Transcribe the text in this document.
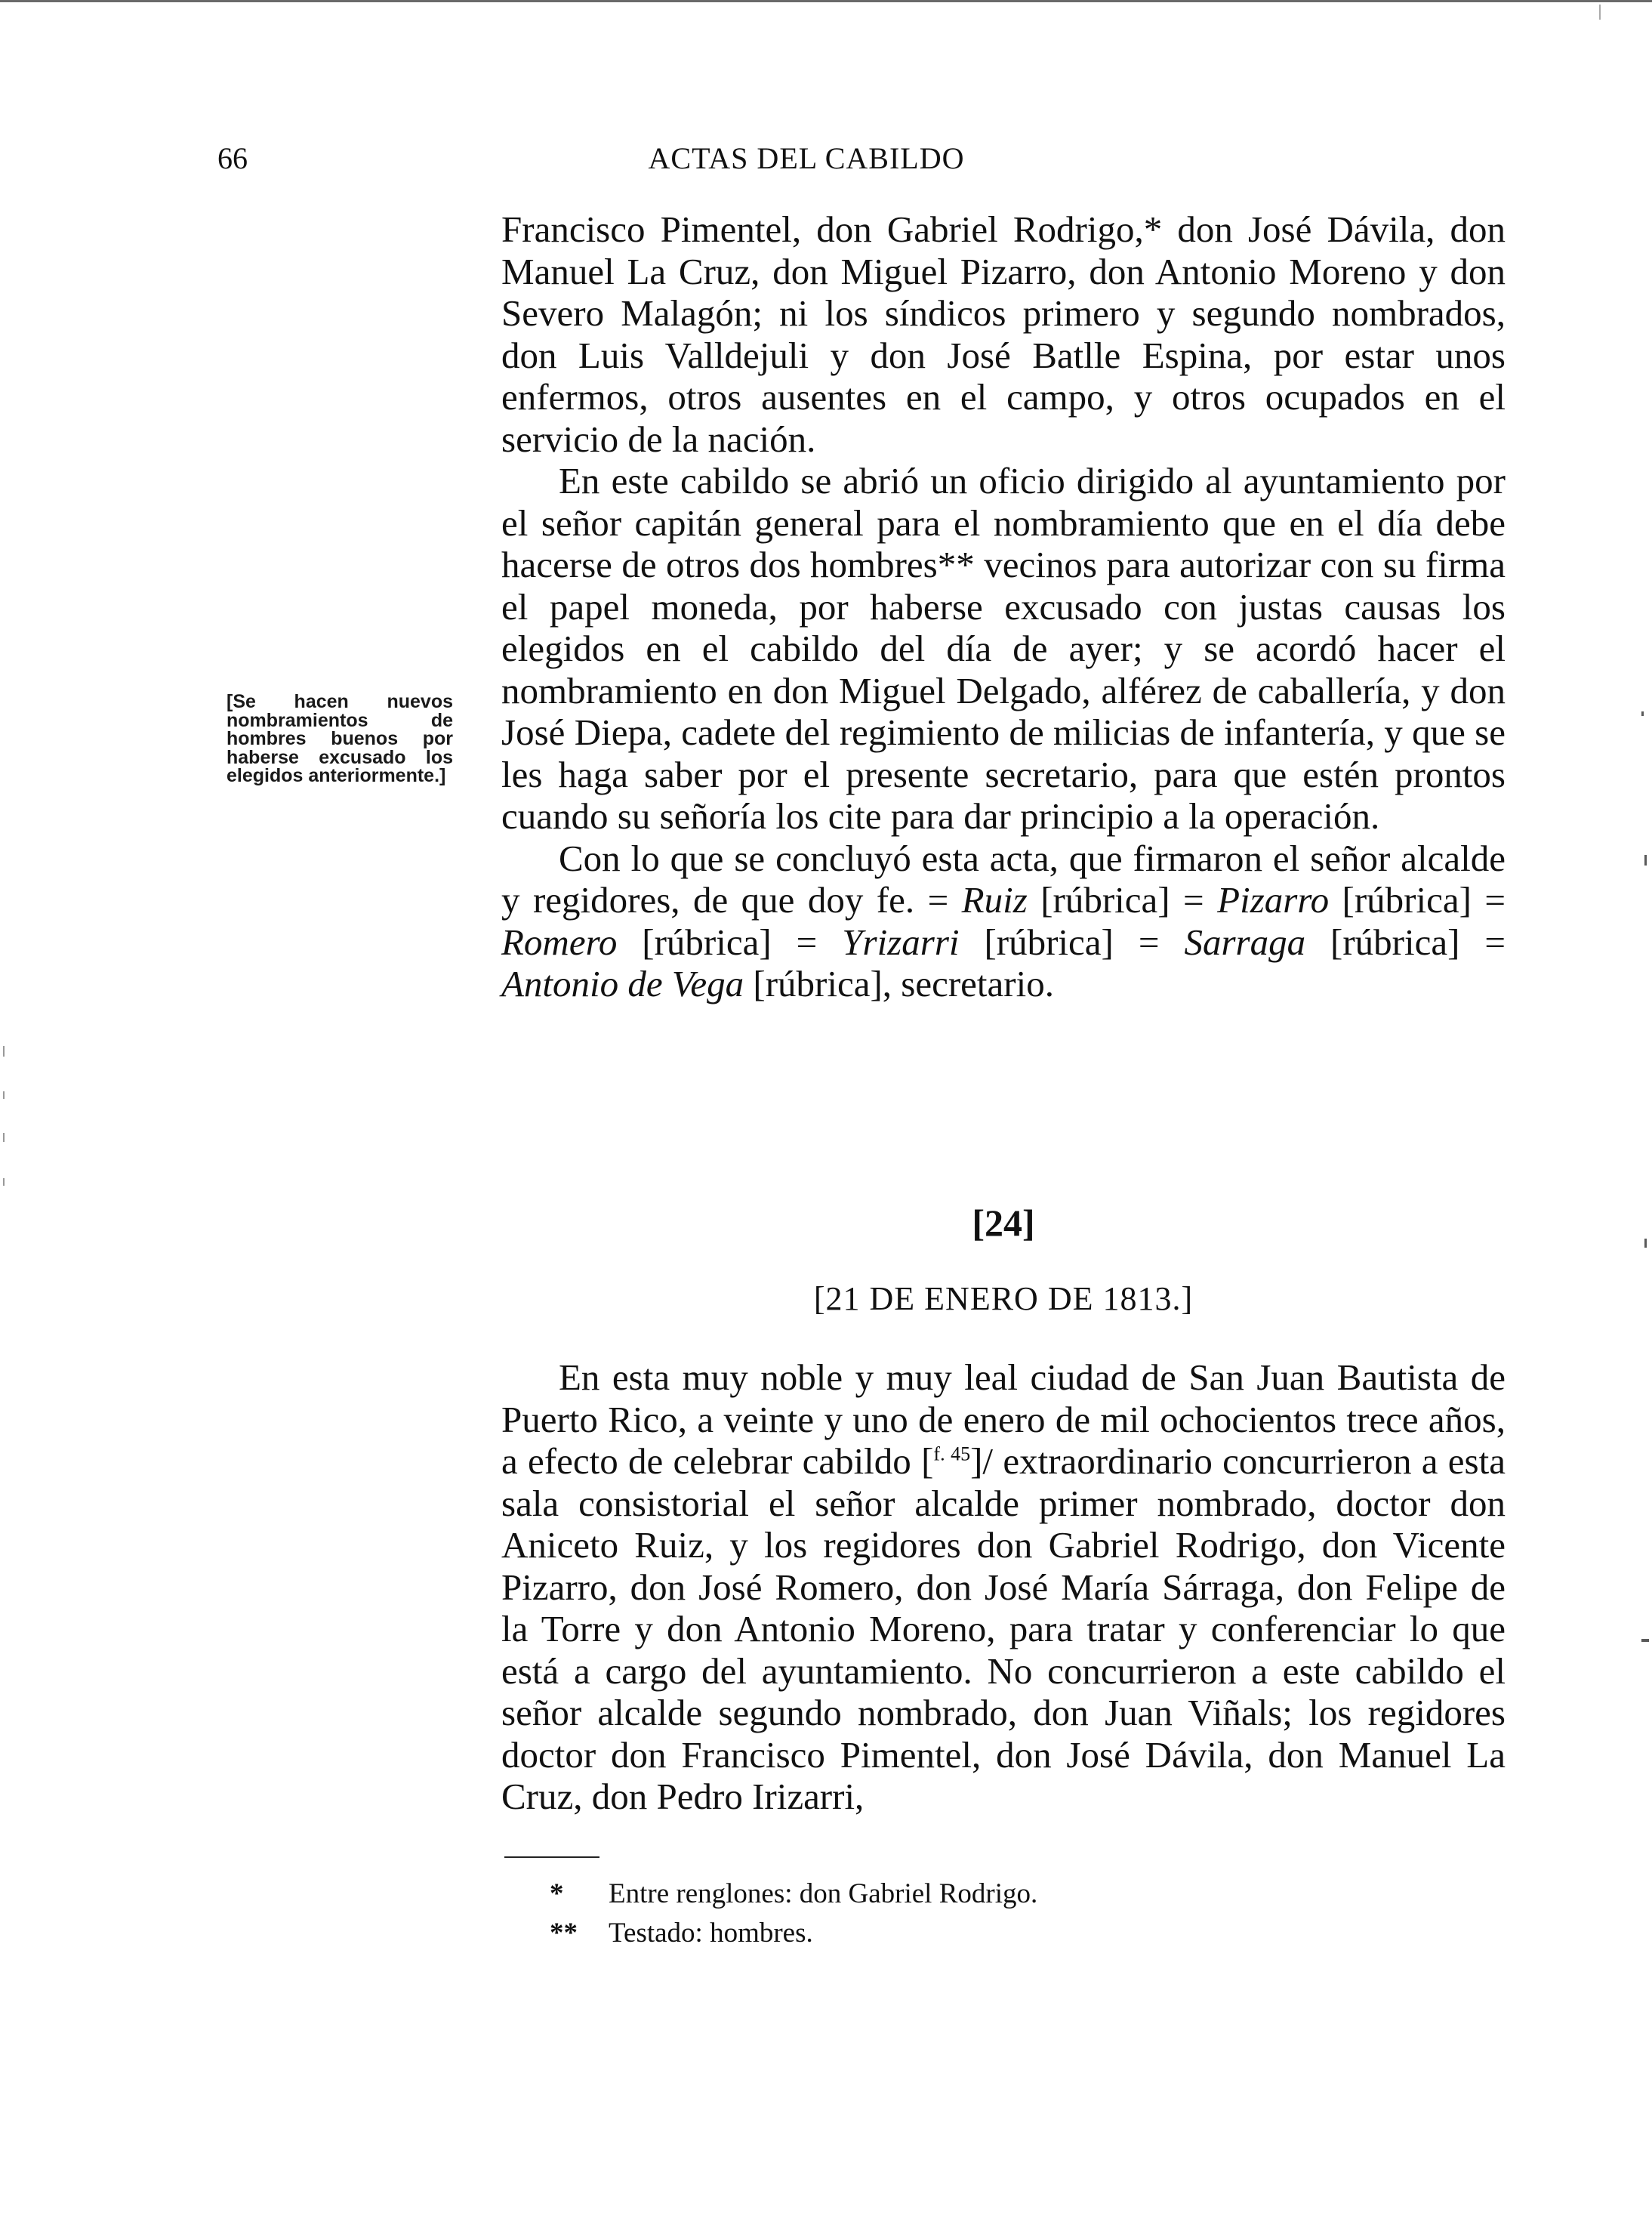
66	ACTAS DEL CABILDO

Francisco Pimentel, don Gabriel Rodrigo,* don José Dávila, don Manuel La Cruz, don Miguel Pizarro, don Antonio Moreno y don Severo Malagón; ni los síndicos primero y segundo nombrados, don Luis Valldejuli y don José Batlle Espina, por estar unos enfermos, otros ausentes en el campo, y otros ocupados en el servicio de la nación.

En este cabildo se abrió un oficio dirigido al ayuntamiento por el señor capitán general para el nombramiento que en el día debe hacerse de otros dos hombres** vecinos para autorizar con su firma el papel moneda, por haberse excusado con justas causas los elegidos en el cabildo del día de ayer; y se acordó hacer el nombramiento en don Miguel Delgado, alférez de caballería, y don José Diepa, cadete del regimiento de milicias de infantería, y que se les haga saber por el presente secretario, para que estén prontos cuando su señoría los cite para dar principio a la operación.

Con lo que se concluyó esta acta, que firmaron el señor alcalde y regidores, de que doy fe. = Ruiz [rúbrica] = Pizarro [rúbrica] = Romero [rúbrica] = Yrizarri [rúbrica] = Sarraga [rúbrica] = Antonio de Vega [rúbrica], secretario.

[Se hacen nuevos nombramientos de hombres buenos por haberse excusado los elegidos anteriormente.]
[24]
[21 DE ENERO DE 1813.]

En esta muy noble y muy leal ciudad de San Juan Bautista de Puerto Rico, a veinte y uno de enero de mil ochocientos trece años, a efecto de celebrar cabildo [$^{f. 45}$]/ extraordinario concurrieron a esta sala consistorial el señor alcalde primer nombrado, doctor don Aniceto Ruiz, y los regidores don Gabriel Rodrigo, don Vicente Pizarro, don José Romero, don José María Sárraga, don Felipe de la Torre y don Antonio Moreno, para tratar y conferenciar lo que está a cargo del ayuntamiento. No concurrieron a este cabildo el señor alcalde segundo nombrado, don Juan Viñals; los regidores doctor don Francisco Pimentel, don José Dávila, don Manuel La Cruz, don Pedro Irizarri,

* Entre renglones: don Gabriel Rodrigo.

** Testado: hombres.
